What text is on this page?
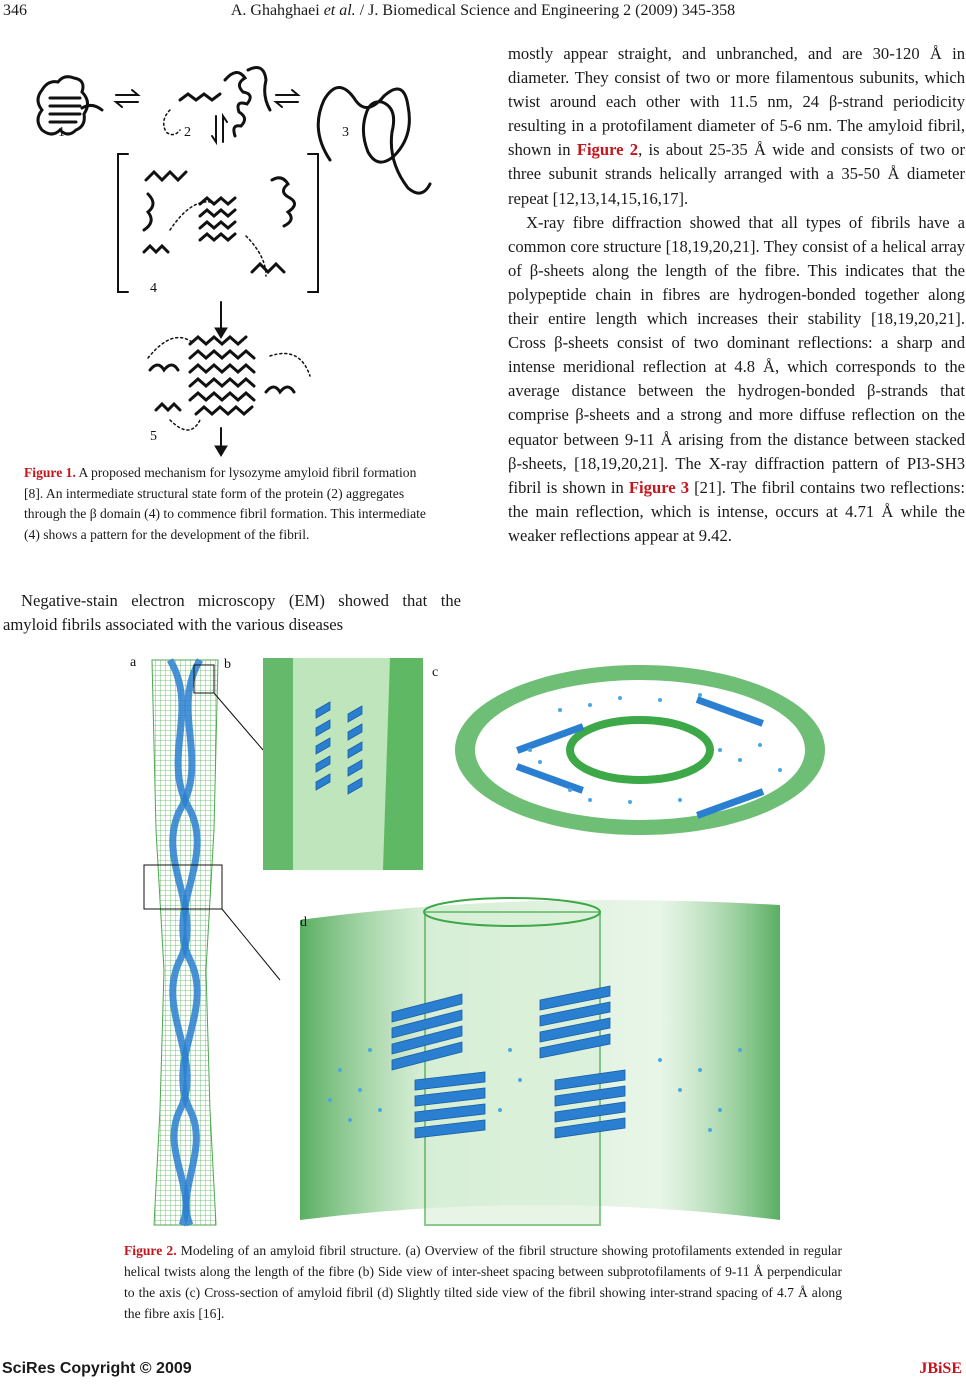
346	A. Ghahghaei et al. / J. Biomedical Science and Engineering 2 (2009) 345-358
1	2	3
4
5
Figure 1. A proposed mechanism for lysozyme amyloid fibril formation [8]. An intermediate structural state form of the protein (2) aggregates through the β domain (4) to commence fibril formation. This intermediate (4) shows a pattern for the development of the fibril.

Negative-stain electron microscopy (EM) showed that the amyloid fibrils associated with the various diseases

mostly appear straight, and unbranched, and are 30-120 Å in diameter. They consist of two or more filamentous subunits, which twist around each other with 11.5 nm, 24 β-strand periodicity resulting in a protofilament diameter of 5-6 nm. The amyloid fibril, shown in Figure 2, is about 25-35 Å wide and consists of two or three subunit strands helically arranged with a 35-50 Å diameter repeat [12,13,14,15,16,17].

X-ray fibre diffraction showed that all types of fibrils have a common core structure [18,19,20,21]. They consist of a helical array of β-sheets along the length of the fibre. This indicates that the polypeptide chain in fibres are hydrogen-bonded together along their entire length which increases their stability [18,19,20,21]. Cross β-sheets consist of two dominant reflections: a sharp and intense meridional reflection at 4.8 Å, which corresponds to the average distance between the hydrogen-bonded β-strands that comprise β-sheets and a strong and more diffuse reflection on the equator between 9-11 Å arising from the distance between stacked β-sheets, [18,19,20,21]. The X-ray diffraction pattern of PI3-SH3 fibril is shown in Figure 3 [21]. The fibril contains two reflections: the main reflection, which is intense, occurs at 4.71 Å while the weaker reflections appear at 9.42.

a	b
c
d
Figure 2. Modeling of an amyloid fibril structure. (a) Overview of the fibril structure showing protofilaments extended in regular helical twists along the length of the fibre (b) Side view of inter-sheet spacing between subprotofilaments of 9-11 Å perpendicular to the axis (c) Cross-section of amyloid fibril (d) Slightly tilted side view of the fibril showing inter-strand spacing of 4.7 Å along the fibre axis [16].
SciRes Copyright © 2009	JBiSE
